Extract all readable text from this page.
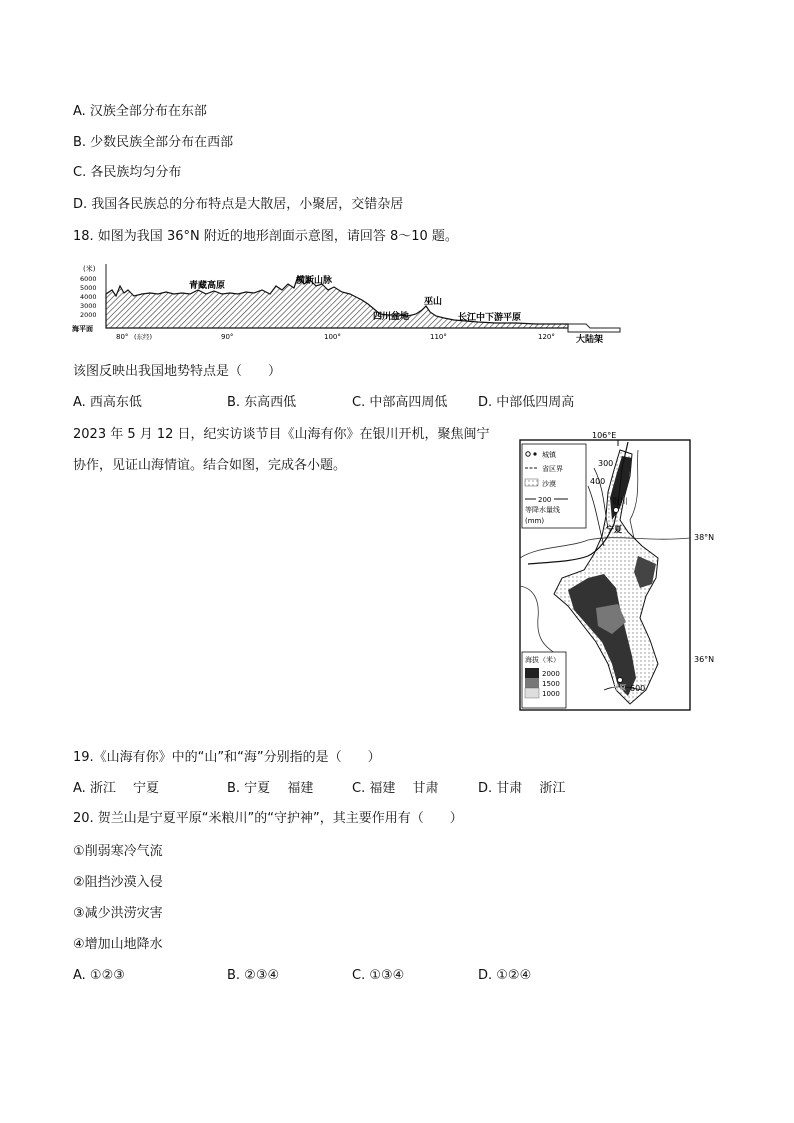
A. 汉族全部分布在东部
B. 少数民族全部分布在西部
C. 各民族均匀分布
D. 我国各民族总的分布特点是大散居，小聚居，交错杂居
18. 如图为我国 36°N 附近的地形剖面示意图，请回答 8～10 题。
(米)
6000
5000
4000
3000
2000
海平面
80° (东经)	90°	100°	110°	120°
青藏高原	横断山脉
四川盆地
巫山
长江中下游平原
大陆架
该图反映出我国地势特点是（　　）
A. 西高东低	B. 东高西低	C. 中部高四周低 D. 中部低四周高
2023 年 5 月 12 日，纪实访谈节目《山海有你》在银川开机，聚焦闽宁
协作，见证山海情谊。结合如图，完成各小题。
106°E
38°N
36°N
300
400
600
银川
宁夏
固原
城镇
省区界
沙漠
200
等降水量线
(mm)
海拔（米）
2000
1500
1000
19.《山海有你》中的“山”和“海”分别指的是（　　）
A. 浙江　 宁夏	B. 宁夏　 福建	C. 福建　 甘肃	D. 甘肃　 浙江
20. 贺兰山是宁夏平原“米粮川”的“守护神”，其主要作用有（　　）
①削弱寒冷气流
②阻挡沙漠入侵
③减少洪涝灾害
④增加山地降水
A. ①②③	B. ②③④	C. ①③④	D. ①②④
